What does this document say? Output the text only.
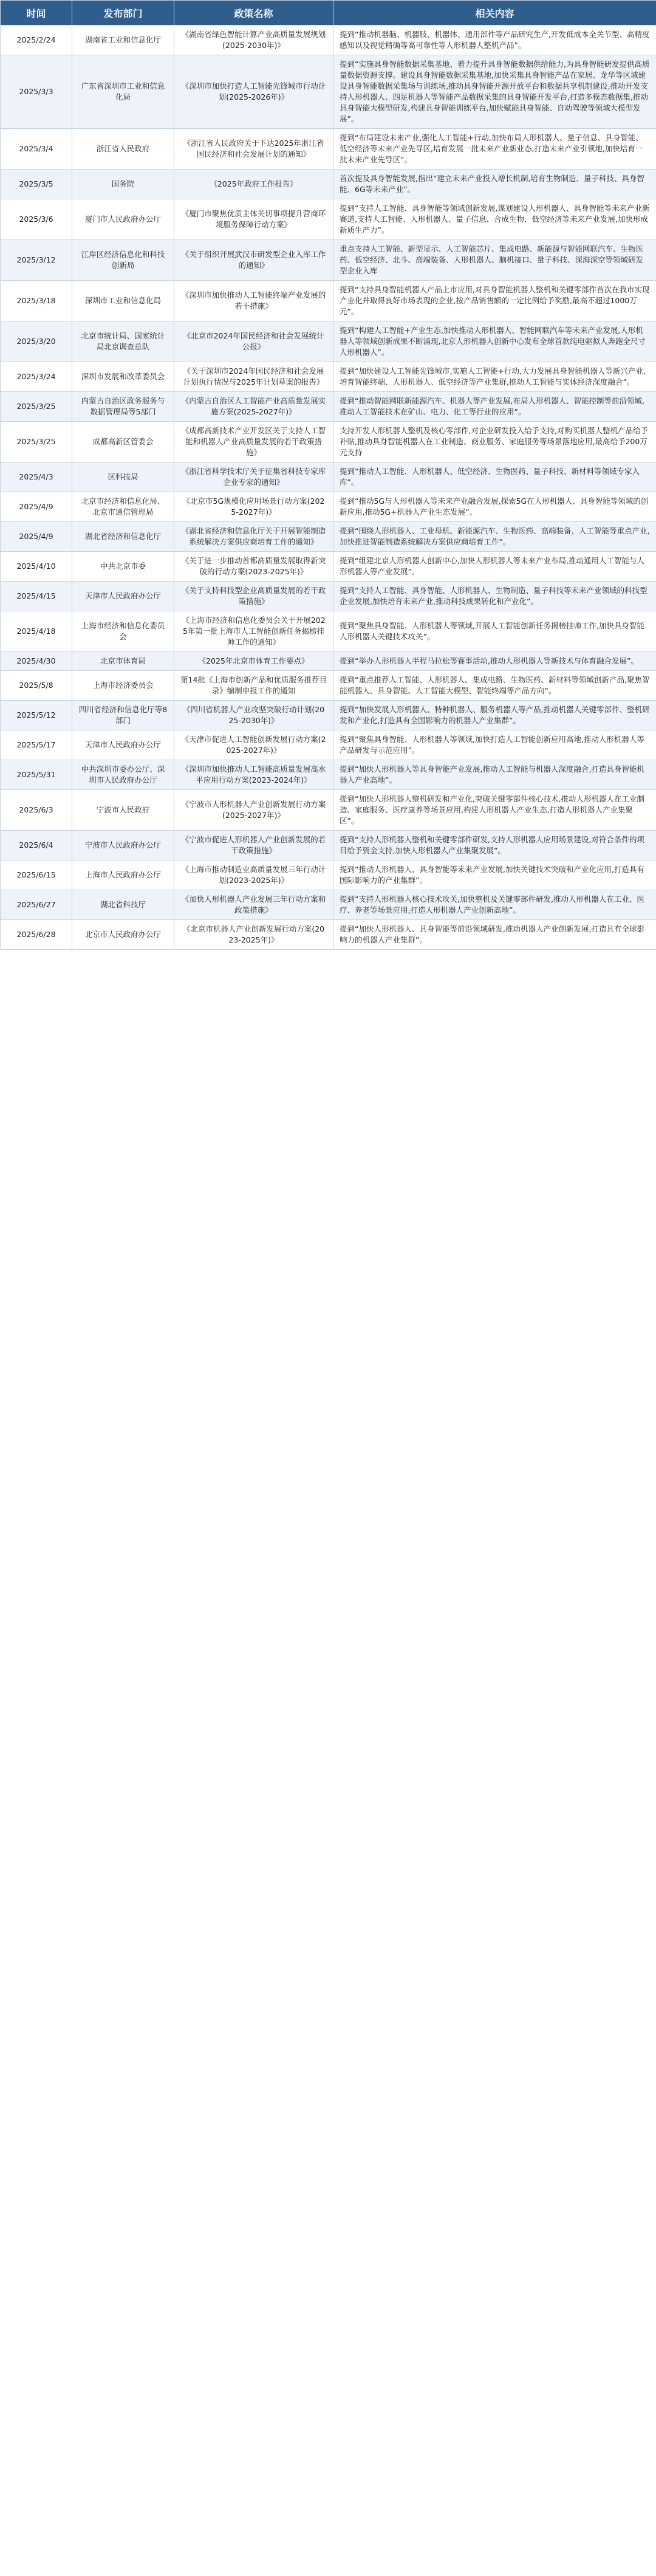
时间	发布部门	政策名称	相关内容
2025/2/24	湖南省工业和信息化厅	《湖南省绿色智能计算产业高质量发展规划(2025-2030年)》	提到“推动机器脑、机器肢、机器体、通用部件等产品研究生产,开发低成本全关节型、高精度感知以及视觉精确等高可靠性等人形机器人整机产品”。
2025/3/3	广东省深圳市工业和信息化局	《深圳市加快打造人工智能先锋城市行动计划(2025-2026年)》	提到“实施具身智能数据采集基地、着力提升具身智能数据供给能力,为具身智能研发提供高质量数据资源支撑。建设具身智能数据采集基地,加快采集具身智能产品在家居、龙华等区域建设具身智能数据采集场与训练场,推动具身智能开源开放平台和数据共享机制建设,推动开发支持人形机器人、四足机器人等智能产品数据采集的具身智能开发平台,打造多模态数据集,推动具身智能大模型研发,构建具身智能训练平台,加快赋能具身智能、自动驾驶等领域大模型发展”。
2025/3/4	浙江省人民政府	《浙江省人民政府关于下达2025年浙江省国民经济和社会发展计划的通知》	提到“布局建设未来产业,强化人工智能+行动,加快布局人形机器人、量子信息、具身智能、低空经济等未来产业先导区,培育发展一批未来产业新业态,打造未来产业引领地,加快培育一批未来产业先导区”。
2025/3/5	国务院	《2025年政府工作报告》	首次提及具身智能发展,指出“建立未来产业投入增长机制,培育生物制造、量子科技、具身智能、6G等未来产业”。
2025/3/6	厦门市人民政府办公厅	《厦门市聚焦优质主体关切事项提升营商环境服务保障行动方案》	提到“支持人工智能、具身智能等领域创新发展,谋划建设人形机器人、具身智能等未来产业新赛道,支持人工智能、人形机器人、量子信息、合成生物、低空经济等未来产业发展,加快形成新质生产力”。
2025/3/12	江岸区经济信息化和科技创新局	《关于组织开展武汉市研发型企业入库工作的通知》	重点支持人工智能、新型显示、人工智能芯片、集成电路、新能源与智能网联汽车、生物医药、低空经济、北斗、高端装备、人形机器人、脑机接口、量子科技、深海深空等领域研发型企业入库
2025/3/18	深圳市工业和信息化局	《深圳市加快推动人工智能终端产业发展的若干措施》	提到“支持具身智能机器人产品上市应用,对具身智能机器人整机和关键零部件首次在我市实现产业化并取得良好市场表现的企业,按产品销售额的一定比例给予奖励,最高不超过1000万元”。
2025/3/20	北京市统计局、国家统计局北京调查总队	《北京市2024年国民经济和社会发展统计公报》	提到“构建人工智能+产业生态,加快推动人形机器人、智能网联汽车等未来产业发展,人形机器人等领域创新成果不断涌现,北京人形机器人创新中心发布全球首款纯电驱拟人奔跑全尺寸人形机器人”。
2025/3/24	深圳市发展和改革委员会	《关于深圳市2024年国民经济和社会发展计划执行情况与2025年计划草案的报告》	提到“加快建设人工智能先锋城市,实施人工智能+行动,大力发展具身智能机器人等新兴产业,培育智能终端、人形机器人、低空经济等产业集群,推动人工智能与实体经济深度融合”。
2025/3/25	内蒙古自治区政务服务与数据管理局等5部门	《内蒙古自治区人工智能产业高质量发展实施方案(2025-2027年)》	提到“推动智能网联新能源汽车、机器人等产业发展,布局人形机器人、智能控制等前沿领域,推动人工智能技术在矿山、电力、化工等行业的应用”。
2025/3/25	成都高新区管委会	《成都高新技术产业开发区关于支持人工智能和机器人产业高质量发展的若干政策措施》	支持开发人形机器人整机及核心零部件,对企业研发投入给予支持,对购买机器人整机产品给予补贴,推动具身智能机器人在工业制造、商业服务、家庭服务等场景落地应用,最高给予200万元支持
2025/4/3	区科技局	《浙江省科学技术厅关于征集省科技专家库企业专家的通知》	提到“推动人工智能、人形机器人、低空经济、生物医药、量子科技、新材料等领域专家入库”。
2025/4/9	北京市经济和信息化局、北京市通信管理局	《北京市5G规模化应用场景行动方案(2025-2027年)》	提到“推动5G与人形机器人等未来产业融合发展,探索5G在人形机器人、具身智能等领域的创新应用,推动5G+机器人产业生态发展”。
2025/4/9	湖北省经济和信息化厅	《湖北省经济和信息化厅关于开展智能制造系统解决方案供应商培育工作的通知》	提到“围绕人形机器人、工业母机、新能源汽车、生物医药、高端装备、人工智能等重点产业,加快推进智能制造系统解决方案供应商培育工作”。
2025/4/10	中共北京市委	《关于进一步推动首都高质量发展取得新突破的行动方案(2023-2025年)》	提到“组建北京人形机器人创新中心,加快人形机器人等未来产业布局,推动通用人工智能与人形机器人等产业发展”。
2025/4/15	天津市人民政府办公厅	《关于支持科技型企业高质量发展的若干政策措施》	提到“支持人工智能、具身智能、人形机器人、生物制造、量子科技等未来产业领域的科技型企业发展,加快培育未来产业,推动科技成果转化和产业化”。
2025/4/18	上海市经济和信息化委员会	《上海市经济和信息化委员会关于开展2025年第一批上海市人工智能创新任务揭榜挂帅工作的通知》	提到“聚焦具身智能、人形机器人等领域,开展人工智能创新任务揭榜挂帅工作,加快具身智能人形机器人关键技术攻关”。
2025/4/30	北京市体育局	《2025年北京市体育工作要点》	提到“举办人形机器人半程马拉松等赛事活动,推动人形机器人等新技术与体育融合发展”。
2025/5/8	上海市经济委员会	第14批《上海市创新产品和优质服务推荐目录》编制申报工作的通知	提到“重点推荐人工智能、人形机器人、集成电路、生物医药、新材料等领域创新产品,聚焦智能机器人、具身智能、人工智能大模型、智能终端等产品方向”。
2025/5/12	四川省经济和信息化厅等8部门	《四川省机器人产业攻坚突破行动计划(2025-2030年)》	提到“加快发展人形机器人、特种机器人、服务机器人等产品,推动机器人关键零部件、整机研发和产业化,打造具有全国影响力的机器人产业集群”。
2025/5/17	天津市人民政府办公厅	《天津市促进人工智能创新发展行动方案(2025-2027年)》	提到“聚焦具身智能、人形机器人等领域,加快打造人工智能创新应用高地,推动人形机器人等产品研发与示范应用”。
2025/5/31	中共深圳市委办公厅、深圳市人民政府办公厅	《深圳市加快推动人工智能高质量发展高水平应用行动方案(2023-2024年)》	提到“加快人形机器人等具身智能产业发展,推动人工智能与机器人深度融合,打造具身智能机器人产业高地”。
2025/6/3	宁波市人民政府	《宁波市人形机器人产业创新发展行动方案(2025-2027年)》	提到“加快人形机器人整机研发和产业化,突破关键零部件核心技术,推动人形机器人在工业制造、家庭服务、医疗康养等场景应用,构建人形机器人产业生态,打造人形机器人产业集聚区”。
2025/6/4	宁波市人民政府办公厅	《宁波市促进人形机器人产业创新发展的若干政策措施》	提到“支持人形机器人整机和关键零部件研发,支持人形机器人应用场景建设,对符合条件的项目给予资金支持,加快人形机器人产业集聚发展”。
2025/6/15	上海市人民政府办公厅	《上海市推动制造业高质量发展三年行动计划(2023-2025年)》	提到“推动人形机器人、具身智能等未来产业发展,加快关键技术突破和产业化应用,打造具有国际影响力的产业集群”。
2025/6/27	湖北省科技厅	《加快人形机器人产业发展三年行动方案和政策措施》	提到“支持人形机器人核心技术攻关,加快整机及关键零部件研发,推动人形机器人在工业、医疗、养老等场景应用,打造人形机器人产业创新高地”。
2025/6/28	北京市人民政府办公厅	《北京市机器人产业创新发展行动方案(2023-2025年)》	提到“加快人形机器人、具身智能等前沿领域研发,推动机器人产业创新发展,打造具有全球影响力的机器人产业集群”。
